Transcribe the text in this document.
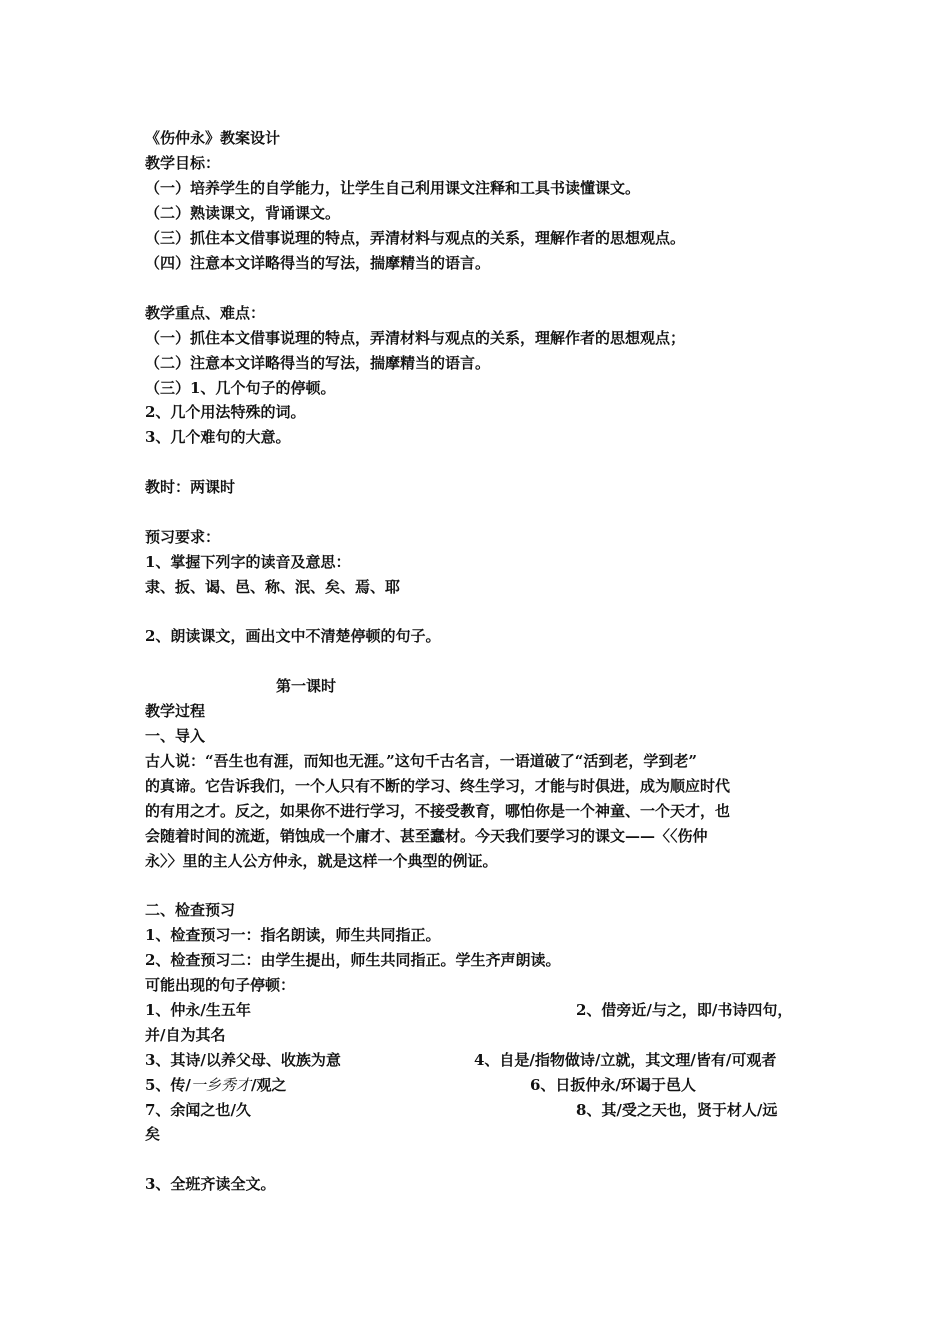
《伤仲永》教案设计
教学目标：
（一）培养学生的自学能力，让学生自己利用课文注释和工具书读懂课文。
（二）熟读课文，背诵课文。
（三）抓住本文借事说理的特点，弄清材料与观点的关系，理解作者的思想观点。
（四）注意本文详略得当的写法，揣摩精当的语言。
教学重点、难点：
（一）抓住本文借事说理的特点，弄清材料与观点的关系，理解作者的思想观点；
（二）注意本文详略得当的写法，揣摩精当的语言。
（三）1、几个句子的停顿。
2、几个用法特殊的词。
3、几个难句的大意。
教时：两课时
预习要求：
1、掌握下列字的读音及意思：
隶、扳、谒、邑、称、泯、矣、焉、耶
2、朗读课文，画出文中不清楚停顿的句子。
第一课时
教学过程
一、导入
古人说：“吾生也有涯，而知也无涯。”这句千古名言，一语道破了“活到老，学到老”
的真谛。它告诉我们，一个人只有不断的学习、终生学习，才能与时俱进，成为顺应时代
的有用之才。反之，如果你不进行学习，不接受教育，哪怕你是一个神童、一个天才，也
会随着时间的流逝，销蚀成一个庸才、甚至蠢材。今天我们要学习的课文——〈〈伤仲
永〉〉里的主人公方仲永，就是这样一个典型的例证。
二、检查预习
1、检查预习一：指名朗读，师生共同指正。
2、检查预习二：由学生提出，师生共同指正。学生齐声朗读。
可能出现的句子停顿：
1、仲永/生五年	2、借旁近/与之，即/书诗四句，
并/自为其名
3、其诗/以养父母、收族为意	4、自是/指物做诗/立就，其文理/皆有/可观者
5、传/一乡秀才/观之	6、日扳仲永/环谒于邑人
7、余闻之也/久	8、其/受之天也，贤于材人/远
矣
3、全班齐读全文。
